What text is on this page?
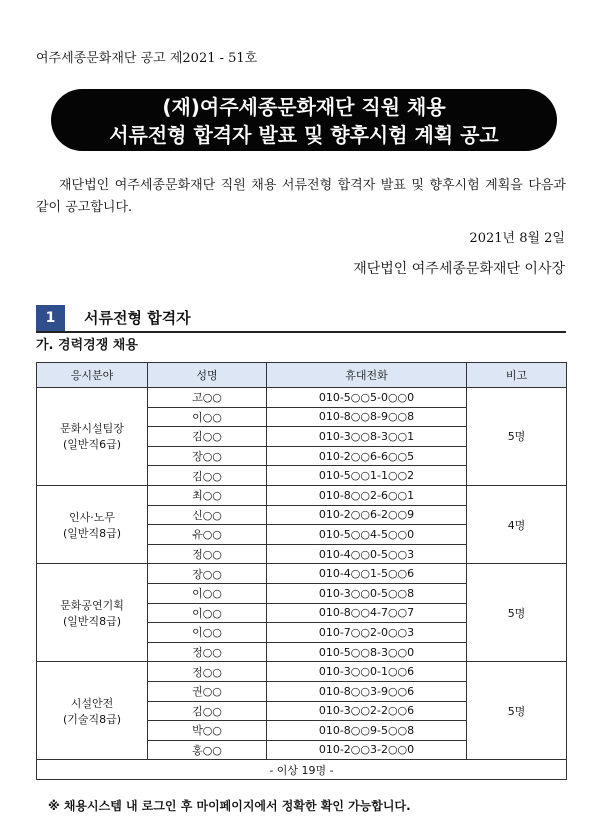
여주세종문화재단 공고 제2021 - 51호
(재)여주세종문화재단 직원 채용
서류전형 합격자 발표 및 향후시험 계획 공고
재단법인 여주세종문화재단 직원 채용 서류전형 합격자 발표 및 향후시험 계획을 다음과 같이 공고합니다.
2021년 8월 2일
재단법인 여주세종문화재단 이사장
1	서류전형 합격자
가. 경력경쟁 채용
응시분야	성명	휴대전화	비고

문화시설팀장
(일반직6급)	고○○	010-5○○5-0○○0	5명
	이○○	010-8○○8-9○○8	
	김○○	010-3○○8-3○○1	
	장○○	010-2○○6-6○○5	
	김○○	010-5○○1-1○○2	

인사·노무
(일반직8급)	최○○	010-8○○2-6○○1	4명
	신○○	010-2○○6-2○○9	
	유○○	010-5○○4-5○○0	
	정○○	010-4○○0-5○○3	

문화공연기획
(일반직8급)	장○○	010-4○○1-5○○6	5명
	이○○	010-3○○0-5○○8	
	이○○	010-8○○4-7○○7	
	이○○	010-7○○2-0○○3	
	정○○	010-5○○8-3○○0	

시설안전
(기술직8급)	정○○	010-3○○0-1○○6	5명
	권○○	010-8○○3-9○○6	
	김○○	010-3○○2-2○○6	
	박○○	010-8○○9-5○○8	
	홍○○	010-2○○3-2○○0	
- 이상 19명 -			
※ 채용시스템 내 로그인 후 마이페이지에서 정확한 확인 가능합니다.
